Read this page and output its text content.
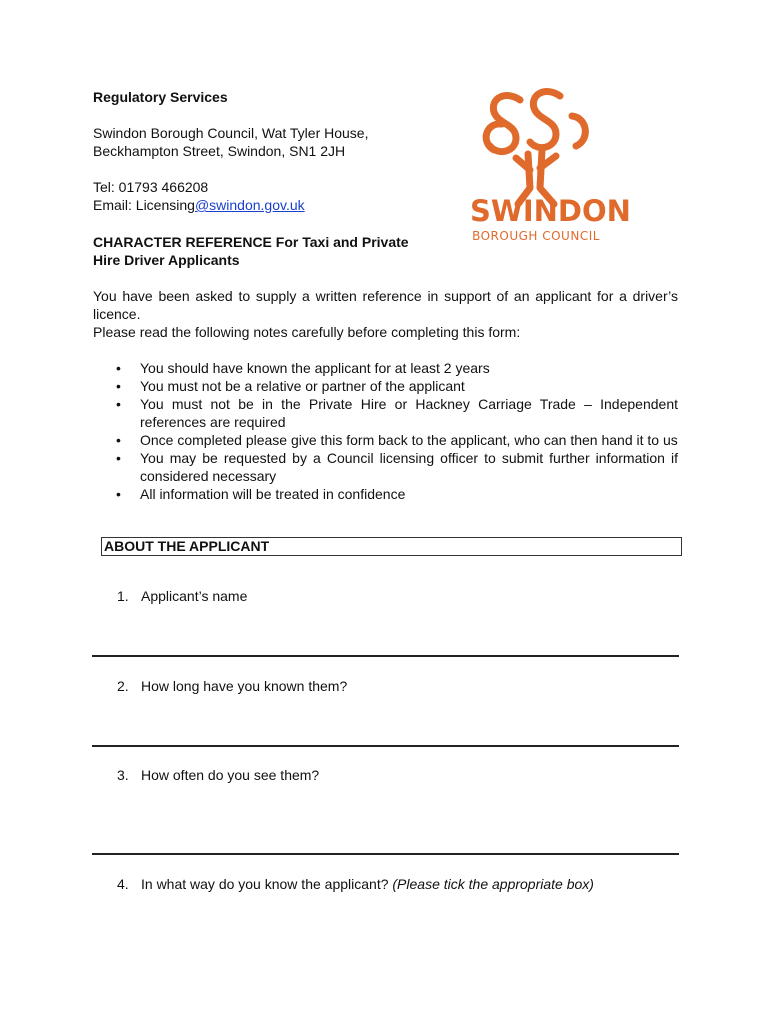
Regulatory Services
Swindon Borough Council, Wat Tyler House,
Beckhampton Street, Swindon, SN1 2JH
Tel: 01793 466208
Email: Licensing@swindon.gov.uk	SWINDON
BOROUGH COUNCIL
CHARACTER REFERENCE For Taxi and Private
Hire Driver Applicants
You have been asked to supply a written reference in support of an applicant for a driver’s licence.
Please read the following notes carefully before completing this form:
• You should have known the applicant for at least 2 years
• You must not be a relative or partner of the applicant
• You must not be in the Private Hire or Hackney Carriage Trade – Independent references are required
• Once completed please give this form back to the applicant, who can then hand it to us
• You may be requested by a Council licensing officer to submit further information if considered necessary
• All information will be treated in confidence
ABOUT THE APPLICANT
1. Applicant’s name
2. How long have you known them?
3. How often do you see them?
4. In what way do you know the applicant? (Please tick the appropriate box)
